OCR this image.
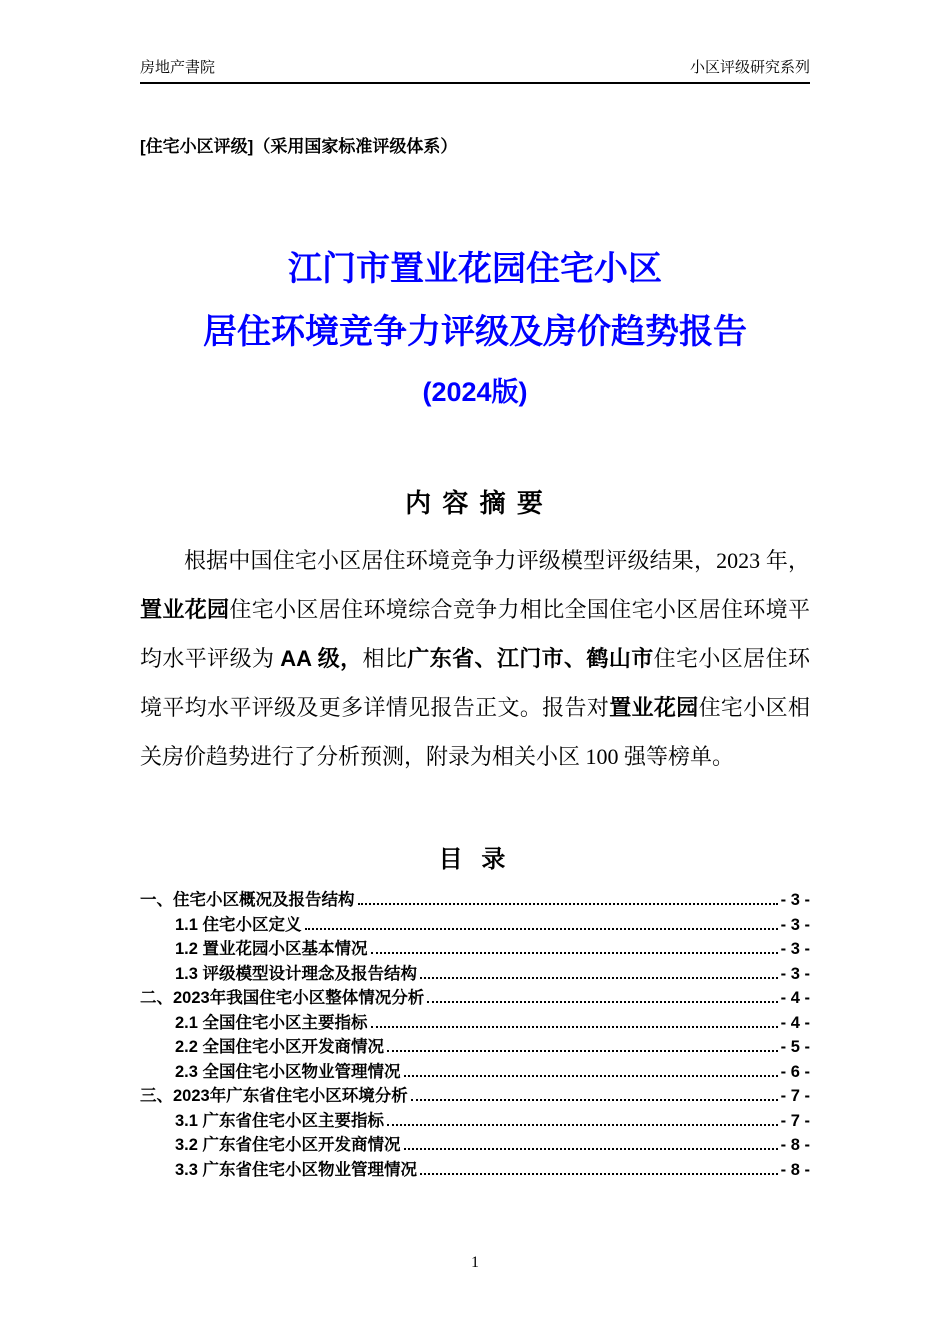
房地产書院	小区评级研究系列
[住宅小区评级]（采用国家标准评级体系）
江门市置业花园住宅小区
居住环境竞争力评级及房价趋势报告
(2024版)
内 容 摘 要

根据中国住宅小区居住环境竞争力评级模型评级结果，2023 年，置业花园住宅小区居住环境综合竞争力相比全国住宅小区居住环境平均水平评级为 AA 级，相比广东省、江门市、鹤山市住宅小区居住环境平均水平评级及更多详情见报告正文。报告对置业花园住宅小区相关房价趋势进行了分析预测，附录为相关小区 100 强等榜单。

目 录
一、住宅小区概况及报告结构	- 3 -
1.1 住宅小区定义	- 3 -
1.2 置业花园小区基本情况	- 3 -
1.3 评级模型设计理念及报告结构	- 3 -
二、2023年我国住宅小区整体情况分析	- 4 -
2.1 全国住宅小区主要指标	- 4 -
2.2 全国住宅小区开发商情况	- 5 -
2.3 全国住宅小区物业管理情况	- 6 -
三、2023年广东省住宅小区环境分析	- 7 -
3.1 广东省住宅小区主要指标	- 7 -
3.2 广东省住宅小区开发商情况	- 8 -
3.3 广东省住宅小区物业管理情况	- 8 -
1
